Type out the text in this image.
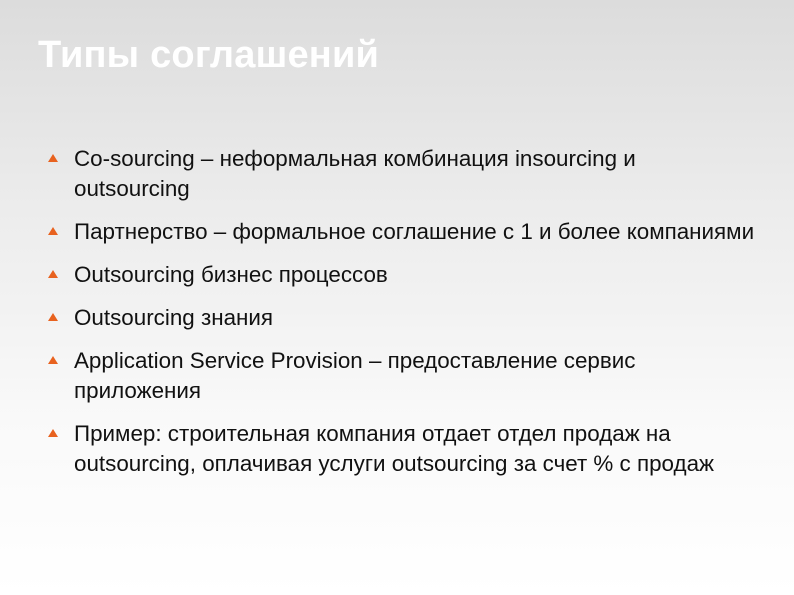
Типы соглашений
Co-sourcing – неформальная комбинация insourcing и outsourcing
Партнерство – формальное соглашение с 1 и более компаниями
Outsourcing бизнес процессов
Outsourcing знания
Application Service Provision – предоставление сервис приложения
Пример: строительная компания отдает отдел продаж на outsourcing, оплачивая услуги outsourcing за счет % с продаж
